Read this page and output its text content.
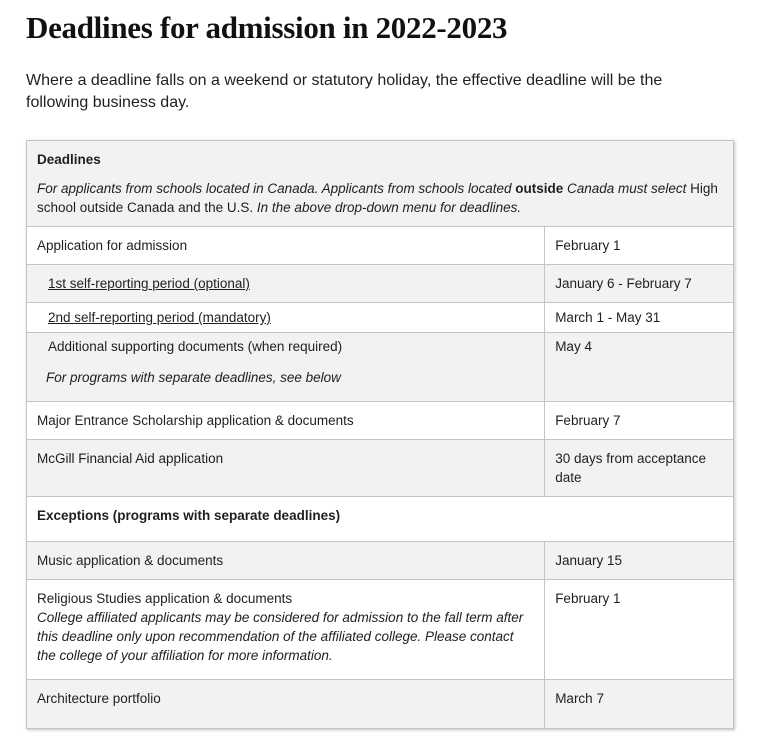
Deadlines for admission in 2022-2023

Where a deadline falls on a weekend or statutory holiday, the effective deadline will be the following business day.

Deadlines
For applicants from schools located in Canada. Applicants from schools located outside Canada must select High school outside Canada and the U.S. In the above drop-down menu for deadlines.	

Application for admission	February 1
1st self-reporting period (optional)	January 6 - February 7
2nd self-reporting period (mandatory)	March 1 - May 31

Additional supporting documents (when required)
For programs with separate deadlines, see below	May 4
Major Entrance Scholarship application & documents	February 7
McGill Financial Aid application	30 days from acceptance date
Exceptions (programs with separate deadlines)	
Music application & documents	January 15

Religious Studies application & documents
College affiliated applicants may be considered for admission to the fall term after this deadline only upon recommendation of the affiliated college. Please contact the college of your affiliation for more information.	February 1
Architecture portfolio	March 7
